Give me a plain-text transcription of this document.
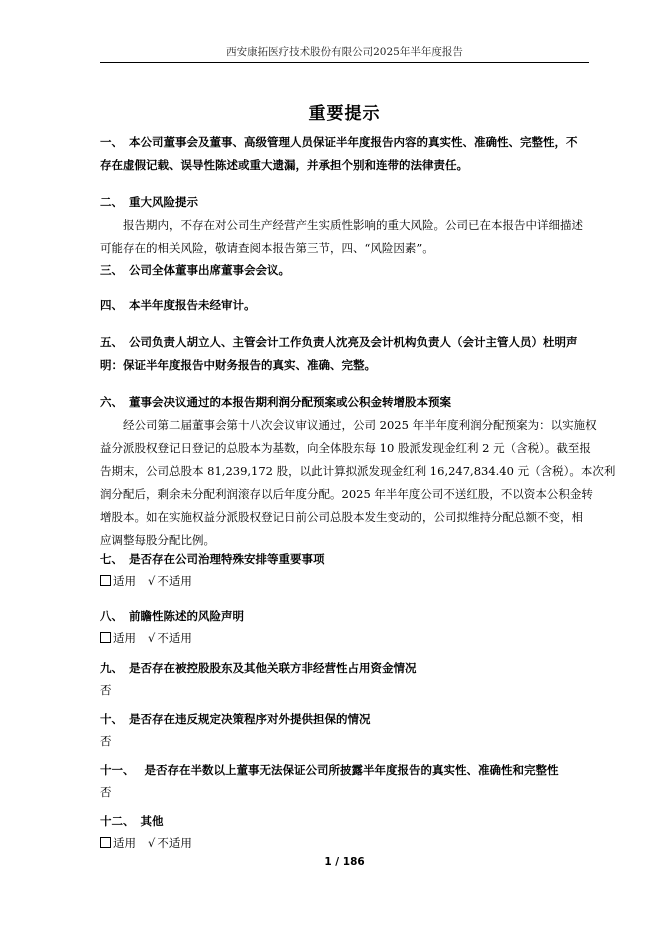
西安康拓医疗技术股份有限公司2025年半年度报告
重要提示
一、 本公司董事会及董事、高级管理人员保证半年度报告内容的真实性、准确性、完整性，不
存在虚假记载、误导性陈述或重大遗漏，并承担个别和连带的法律责任。
二、 重大风险提示
报告期内，不存在对公司生产经营产生实质性影响的重大风险。公司已在本报告中详细描述
可能存在的相关风险，敬请查阅本报告第三节，四、“风险因素”。
三、 公司全体董事出席董事会会议。
四、 本半年度报告未经审计。
五、 公司负责人胡立人、主管会计工作负责人沈亮及会计机构负责人（会计主管人员）杜明声
明：保证半年度报告中财务报告的真实、准确、完整。
六、 董事会决议通过的本报告期利润分配预案或公积金转增股本预案
经公司第二届董事会第十八次会议审议通过，公司 2025 年半年度利润分配预案为：以实施权
益分派股权登记日登记的总股本为基数，向全体股东每 10 股派发现金红利 2 元（含税）。截至报
告期末，公司总股本 81,239,172 股，以此计算拟派发现金红利 16,247,834.40 元（含税）。本次利
润分配后，剩余未分配利润滚存以后年度分配。2025 年半年度公司不送红股，不以资本公积金转
增股本。如在实施权益分派股权登记日前公司总股本发生变动的，公司拟维持分配总额不变，相
应调整每股分配比例。
七、 是否存在公司治理特殊安排等重要事项
适用 √ 不适用
八、 前瞻性陈述的风险声明
适用 √ 不适用
九、 是否存在被控股股东及其他关联方非经营性占用资金情况
否
十、 是否存在违反规定决策程序对外提供担保的情况
否
十一、 是否存在半数以上董事无法保证公司所披露半年度报告的真实性、准确性和完整性
否
十二、 其他
适用 √ 不适用
1 / 186
